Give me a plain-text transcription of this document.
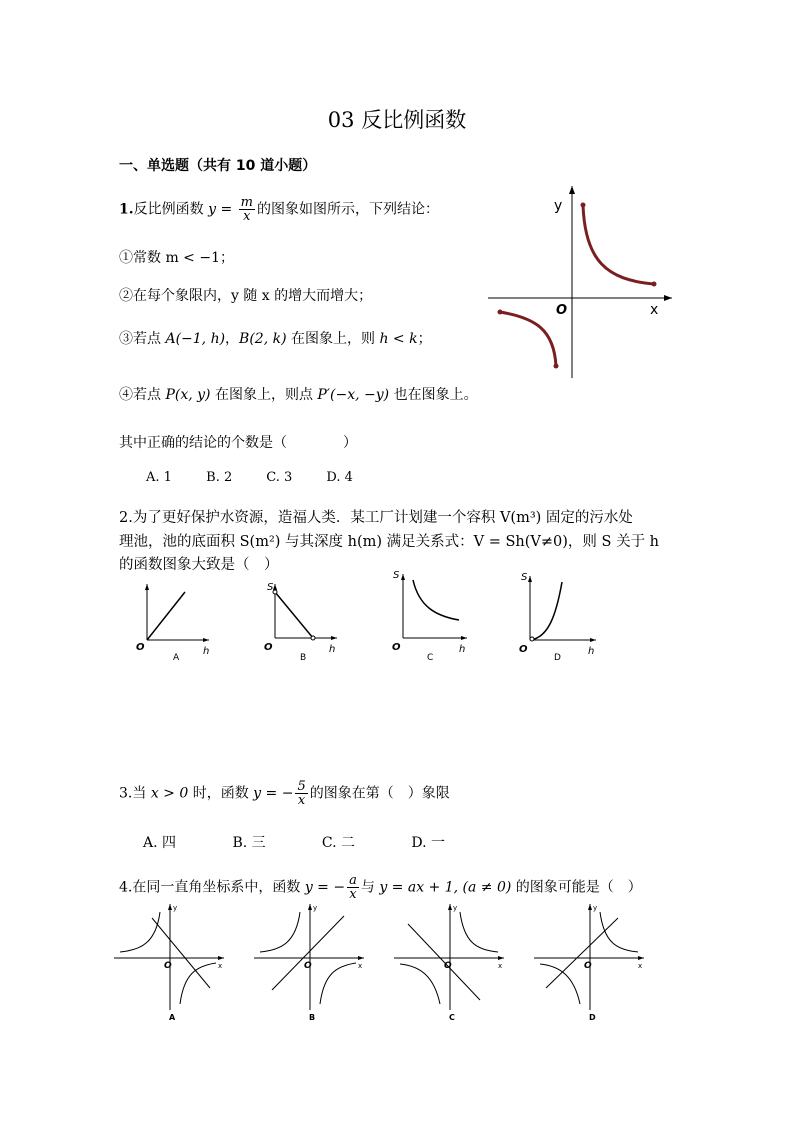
03 反比例函数
一、单选题（共有 10 道小题）
1.反比例函数 $y = \frac{m}{x}$ 的图象如图所示，下列结论：
①常数 m < −1；
②在每个象限内，y 随 x 的增大而增大；
③若点 A(−1, h)，B(2, k) 在图象上，则 h < k；
④若点 P(x, y) 在图象上，则点 P′(−x, −y) 也在图象上。
其中正确的结论的个数是（　　　　）
A. 1	B. 2	C. 3	D. 4
y
x
O
2.为了更好保护水资源，造福人类．某工厂计划建一个容积 V(m³) 固定的污水处
理池，池的底面积 S(m²) 与其深度 h(m) 满足关系式：V = Sh(V≠0)，则 S 关于 h
的函数图象大致是（　）
O	h
A
S
O	h
B
S
O	h
C
S
O	h
D
3.当 x > 0 时，函数 y = − $\frac{5}{x}$ 的图象在第（　）象限
A. 四	B. 三	C. 二	D. 一
4.在同一直角坐标系中，函数 y = − $\frac{a}{x}$ 与 y = ax + 1, (a ≠ 0) 的图象可能是（　）
y
x
O
A
y
x
O
B
y
x
O
C
y
x
O
D
